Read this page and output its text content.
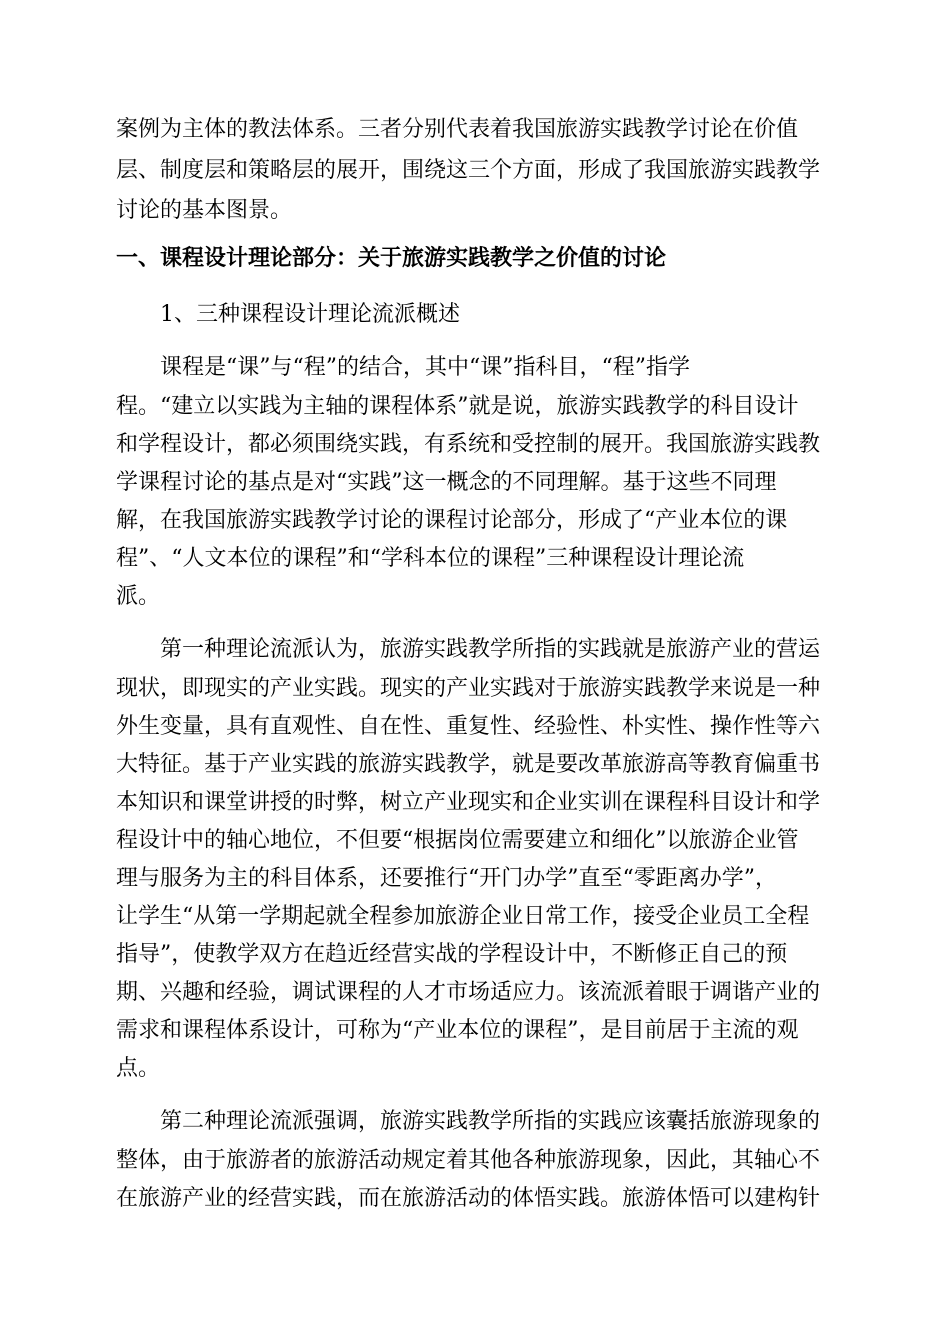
案例为主体的教法体系。三者分别代表着我国旅游实践教学讨论在价值
层、制度层和策略层的展开，围绕这三个方面，形成了我国旅游实践教学
讨论的基本图景。
一、课程设计理论部分：关于旅游实践教学之价值的讨论
1、三种课程设计理论流派概述
课程是“课”与“程”的结合，其中“课”指科目，“程”指学
程。“建立以实践为主轴的课程体系”就是说，旅游实践教学的科目设计
和学程设计，都必须围绕实践，有系统和受控制的展开。我国旅游实践教
学课程讨论的基点是对“实践”这一概念的不同理解。基于这些不同理
解，在我国旅游实践教学讨论的课程讨论部分，形成了“产业本位的课
程”、“人文本位的课程”和“学科本位的课程”三种课程设计理论流
派。
第一种理论流派认为，旅游实践教学所指的实践就是旅游产业的营运
现状，即现实的产业实践。现实的产业实践对于旅游实践教学来说是一种
外生变量，具有直观性、自在性、重复性、经验性、朴实性、操作性等六
大特征。基于产业实践的旅游实践教学，就是要改革旅游高等教育偏重书
本知识和课堂讲授的时弊，树立产业现实和企业实训在课程科目设计和学
程设计中的轴心地位，不但要“根据岗位需要建立和细化”以旅游企业管
理与服务为主的科目体系，还要推行“开门办学”直至“零距离办学”，
让学生“从第一学期起就全程参加旅游企业日常工作，接受企业员工全程
指导”，使教学双方在趋近经营实战的学程设计中，不断修正自己的预
期、兴趣和经验，调试课程的人才市场适应力。该流派着眼于调谐产业的
需求和课程体系设计，可称为“产业本位的课程”，是目前居于主流的观
点。
第二种理论流派强调，旅游实践教学所指的实践应该囊括旅游现象的
整体，由于旅游者的旅游活动规定着其他各种旅游现象，因此，其轴心不
在旅游产业的经营实践，而在旅游活动的体悟实践。旅游体悟可以建构针
